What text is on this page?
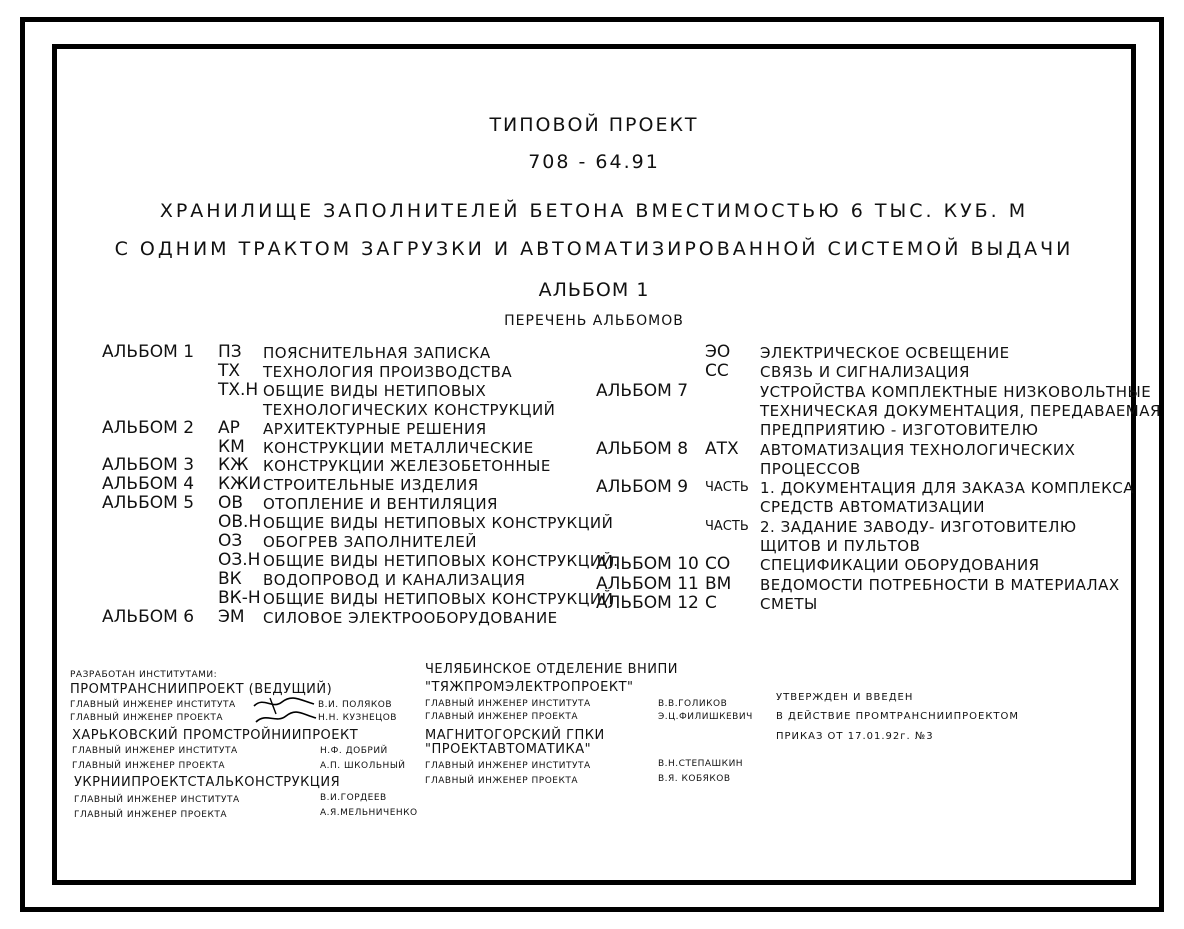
ТИПОВОЙ ПРОЕКТ
708 - 64.91
ХРАНИЛИЩЕ ЗАПОЛНИТЕЛЕЙ БЕТОНА ВМЕСТИМОСТЬЮ 6 ТЫС. КУБ. М
С ОДНИМ ТРАКТОМ ЗАГРУЗКИ И АВТОМАТИЗИРОВАННОЙ СИСТЕМОЙ ВЫДАЧИ
АЛЬБОМ 1
ПЕРЕЧЕНЬ АЛЬБОМОВ
АЛЬБОМ 1 ПЗ ПОЯСНИТЕЛЬНАЯ ЗАПИСКА
ТХ ТЕХНОЛОГИЯ ПРОИЗВОДСТВА
ТХ.Н ОБЩИЕ ВИДЫ НЕТИПОВЫХ
ТЕХНОЛОГИЧЕСКИХ КОНСТРУКЦИЙ
АЛЬБОМ 2 АР АРХИТЕКТУРНЫЕ РЕШЕНИЯ
КМ КОНСТРУКЦИИ МЕТАЛЛИЧЕСКИЕ
АЛЬБОМ 3 КЖ КОНСТРУКЦИИ ЖЕЛЕЗОБЕТОННЫЕ
АЛЬБОМ 4 КЖИ СТРОИТЕЛЬНЫЕ ИЗДЕЛИЯ
АЛЬБОМ 5 ОВ ОТОПЛЕНИЕ И ВЕНТИЛЯЦИЯ
ОВ.Н ОБЩИЕ ВИДЫ НЕТИПОВЫХ КОНСТРУКЦИЙ
ОЗ ОБОГРЕВ ЗАПОЛНИТЕЛЕЙ
ОЗ.Н ОБЩИЕ ВИДЫ НЕТИПОВЫХ КОНСТРУКЦИЙ.
ВК ВОДОПРОВОД И КАНАЛИЗАЦИЯ
ВК-Н ОБЩИЕ ВИДЫ НЕТИПОВЫХ КОНСТРУКЦИЙ
АЛЬБОМ 6 ЭМ СИЛОВОЕ ЭЛЕКТРООБОРУДОВАНИЕ
ЭО ЭЛЕКТРИЧЕСКОЕ ОСВЕЩЕНИЕ
СС СВЯЗЬ И СИГНАЛИЗАЦИЯ
АЛЬБОМ 7	УСТРОЙСТВА КОМПЛЕКТНЫЕ НИЗКОВОЛЬТНЫЕ
ТЕХНИЧЕСКАЯ ДОКУМЕНТАЦИЯ, ПЕРЕДАВАЕМАЯ
ПРЕДПРИЯТИЮ - ИЗГОТОВИТЕЛЮ
АЛЬБОМ 8 АТХ АВТОМАТИЗАЦИЯ ТЕХНОЛОГИЧЕСКИХ
ПРОЦЕССОВ
АЛЬБОМ 9 ЧАСТЬ 1. ДОКУМЕНТАЦИЯ ДЛЯ ЗАКАЗА КОМПЛЕКСА
СРЕДСТВ АВТОМАТИЗАЦИИ
ЧАСТЬ 2. ЗАДАНИЕ ЗАВОДУ- ИЗГОТОВИТЕЛЮ
ЩИТОВ И ПУЛЬТОВ
АЛЬБОМ 10 СО СПЕЦИФИКАЦИИ ОБОРУДОВАНИЯ
АЛЬБОМ 11 ВМ ВЕДОМОСТИ ПОТРЕБНОСТИ В МАТЕРИАЛАХ
АЛЬБОМ 12 С	СМЕТЫ
РАЗРАБОТАН ИНСТИТУТАМИ:
ПРОМТРАНСНИИПРОЕКТ (ВЕДУЩИЙ)
ГЛАВНЫЙ ИНЖЕНЕР ИНСТИТУТА	В.И. ПОЛЯКОВ
ГЛАВНЫЙ ИНЖЕНЕР ПРОЕКТА	Н.Н. КУЗНЕЦОВ
ХАРЬКОВСКИЙ ПРОМСТРОЙНИИПРОЕКТ
ГЛАВНЫЙ ИНЖЕНЕР ИНСТИТУТА	Н.Ф. ДОБРИЙ
ГЛАВНЫЙ ИНЖЕНЕР ПРОЕКТА	А.П. ШКОЛЬНЫЙ
УКРНИИПРОЕКТСТАЛЬКОНСТРУКЦИЯ
ГЛАВНЫЙ ИНЖЕНЕР ИНСТИТУТА	В.И.ГОРДЕЕВ
ГЛАВНЫЙ ИНЖЕНЕР ПРОЕКТА	А.Я.МЕЛЬНИЧЕНКО
ЧЕЛЯБИНСКОЕ ОТДЕЛЕНИЕ ВНИПИ
"ТЯЖПРОМЭЛЕКТРОПРОЕКТ"
ГЛАВНЫЙ ИНЖЕНЕР ИНСТИТУТА	В.В.ГОЛИКОВ
ГЛАВНЫЙ ИНЖЕНЕР ПРОЕКТА	Э.Ц.ФИЛИШКЕВИЧ
МАГНИТОГОРСКИЙ ГПКИ
"ПРОЕКТАВТОМАТИКА"
ГЛАВНЫЙ ИНЖЕНЕР ИНСТИТУТА	В.Н.СТЕПАШКИН
ГЛАВНЫЙ ИНЖЕНЕР ПРОЕКТА	В.Я. КОБЯКОВ
УТВЕРЖДЕН И ВВЕДЕН
В ДЕЙСТВИЕ ПРОМТРАНСНИИПРОЕКТОМ
ПРИКАЗ ОТ 17.01.92г. №3
